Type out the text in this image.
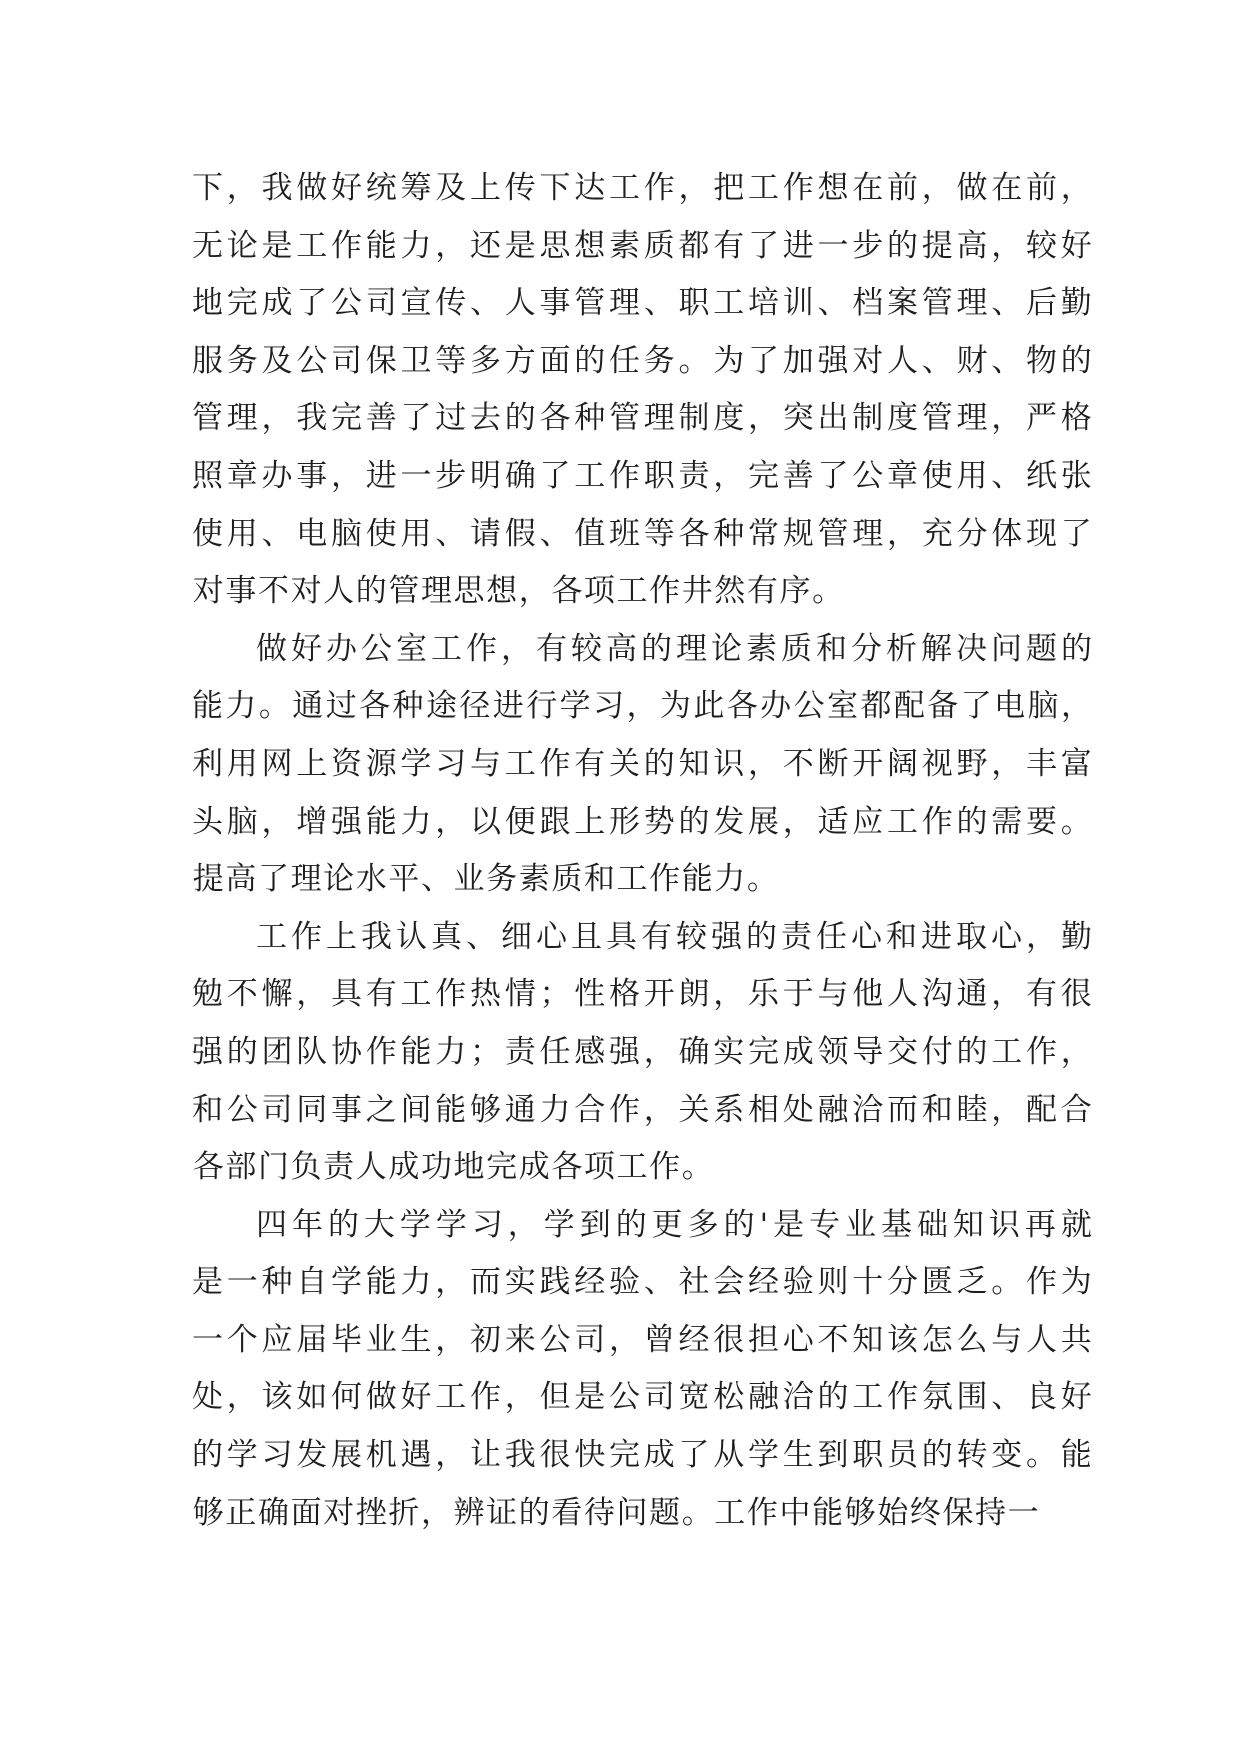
下 ， 我 做 好 统 筹 及 上 传 下 达 工 作 ， 把 工 作 想 在 前 ， 做 在 前 ，
无 论 是 工 作 能 力 ， 还 是 思 想 素 质 都 有 了 进 一 步 的 提 高 ， 较 好
地 完 成 了 公 司 宣 传 、 人 事 管 理 、 职 工 培 训 、 档 案 管 理 、 后 勤
服 务 及 公 司 保 卫 等 多 方 面 的 任 务 。 为 了 加 强 对 人 、 财 、 物 的
管 理 ， 我 完 善 了 过 去 的 各 种 管 理 制 度 ， 突 出 制 度 管 理 ， 严 格
照 章 办 事 ， 进 一 步 明 确 了 工 作 职 责 ， 完 善 了 公 章 使 用 、 纸 张
使 用 、 电 脑 使 用 、 请 假 、 值 班 等 各 种 常 规 管 理 ， 充 分 体 现 了
对 事 不 对 人 的 管 理 思 想 ， 各 项 工 作 井 然 有 序 。
做 好 办 公 室 工 作 ， 有 较 高 的 理 论 素 质 和 分 析 解 决 问 题 的
能 力 。 通 过 各 种 途 径 进 行 学 习 ， 为 此 各 办 公 室 都 配 备 了 电 脑 ，
利 用 网 上 资 源 学 习 与 工 作 有 关 的 知 识 ， 不 断 开 阔 视 野 ， 丰 富
头 脑 ， 增 强 能 力 ， 以 便 跟 上 形 势 的 发 展 ， 适 应 工 作 的 需 要 。
提 高 了 理 论 水 平 、 业 务 素 质 和 工 作 能 力 。
工 作 上 我 认 真 、 细 心 且 具 有 较 强 的 责 任 心 和 进 取 心 ， 勤
勉 不 懈 ， 具 有 工 作 热 情 ； 性 格 开 朗 ， 乐 于 与 他 人 沟 通 ， 有 很
强 的 团 队 协 作 能 力 ； 责 任 感 强 ， 确 实 完 成 领 导 交 付 的 工 作 ，
和 公 司 同 事 之 间 能 够 通 力 合 作 ， 关 系 相 处 融 洽 而 和 睦 ， 配 合
各 部 门 负 责 人 成 功 地 完 成 各 项 工 作 。
四 年 的 大 学 学 习 ， 学 到 的 更 多 的 ' 是 专 业 基 础 知 识 再 就
是 一 种 自 学 能 力 ， 而 实 践 经 验 、 社 会 经 验 则 十 分 匮 乏 。 作 为
一 个 应 届 毕 业 生 ， 初 来 公 司 ， 曾 经 很 担 心 不 知 该 怎 么 与 人 共
处 ， 该 如 何 做 好 工 作 ， 但 是 公 司 宽 松 融 洽 的 工 作 氛 围 、 良 好
的 学 习 发 展 机 遇 ， 让 我 很 快 完 成 了 从 学 生 到 职 员 的 转 变 。 能
够 正 确 面 对 挫 折 ， 辨 证 的 看 待 问 题 。 工 作 中 能 够 始 终 保 持 一
